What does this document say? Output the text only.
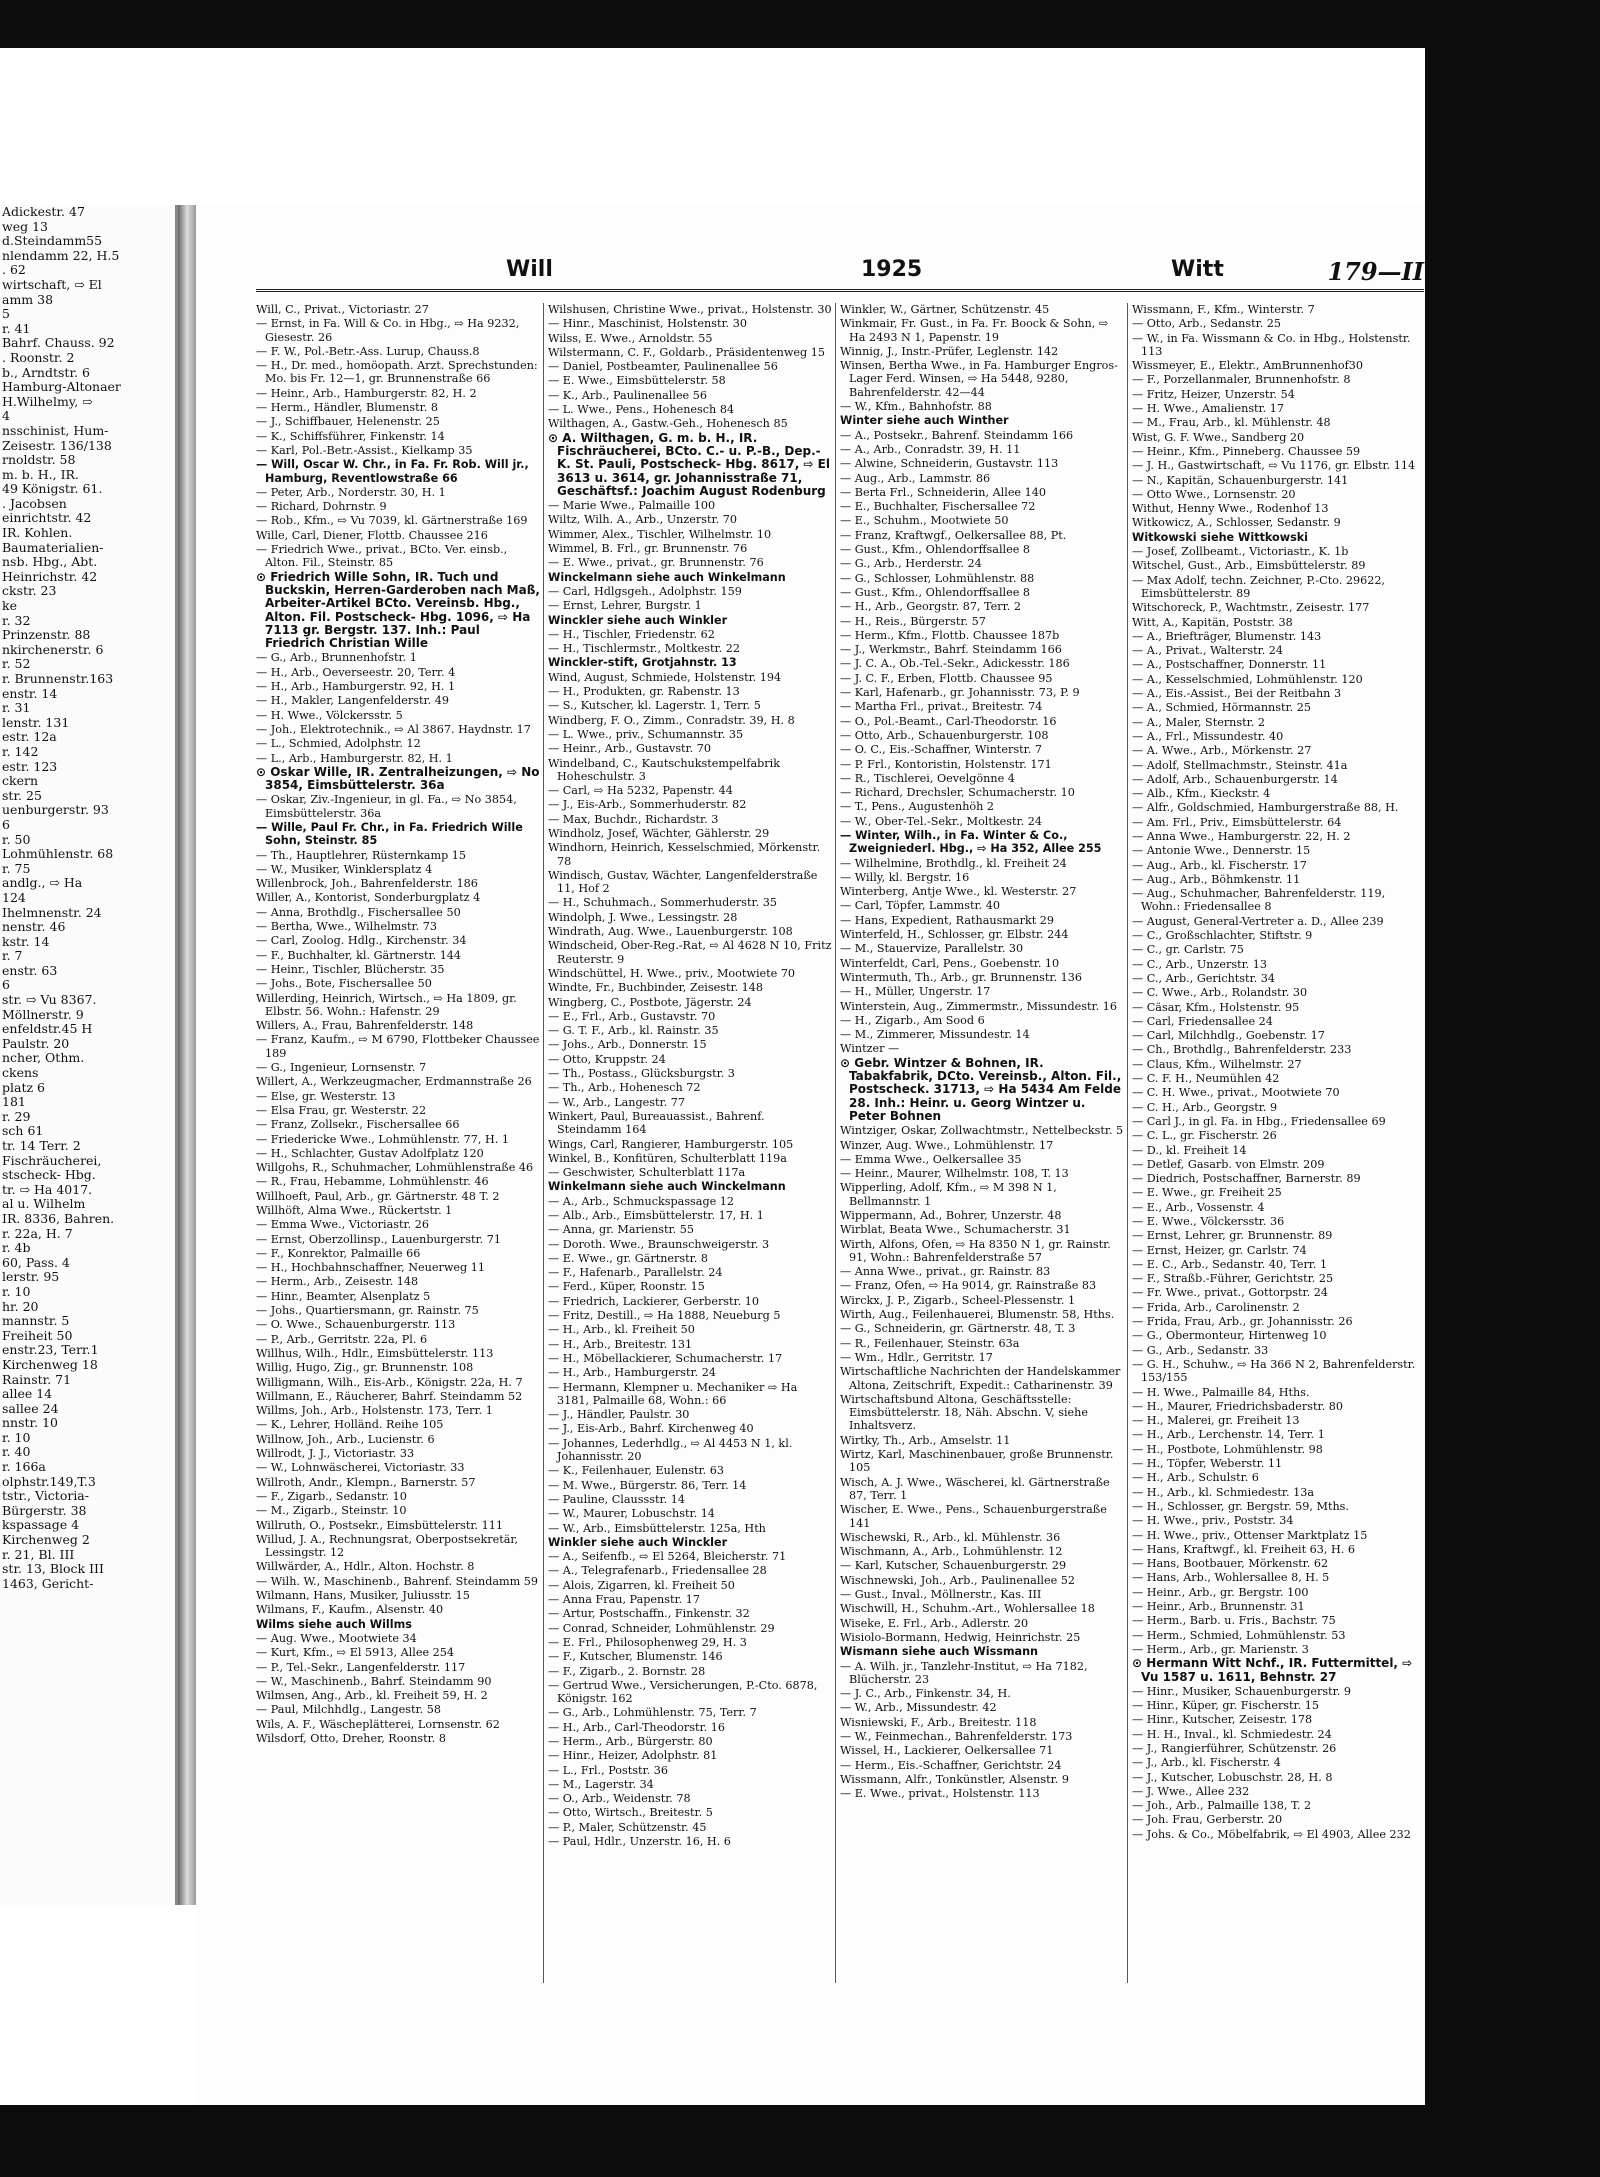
Adickestr. 47
weg 13
d.Steindamm55
nlendamm 22, H.5
. 62
wirtschaft, ⇨ El
amm 38
5
r. 41
Bahrf. Chauss. 92
. Roonstr. 2
b., Arndtstr. 6
Hamburg-Altonaer
H.Wilhelmy, ⇨
4
nsschinist, Hum-
Zeisestr. 136/138
rnoldstr. 58
m. b. H., IR.
49 Königstr. 61.
. Jacobsen
einrichtstr. 42
IR. Kohlen.
Baumaterialien-
nsb. Hbg., Abt.
Heinrichstr. 42
ckstr. 23
ke
r. 32
Prinzenstr. 88
nkirchenerstr. 6
r. 52
r. Brunnenstr.163
enstr. 14
r. 31
lenstr. 131
estr. 12a
r. 142
estr. 123
ckern
str. 25
uenburgerstr. 93
6
r. 50
Lohmühlenstr. 68
r. 75
andlg., ⇨ Ha
124
Ihelmnenstr. 24
nenstr. 46
kstr. 14
r. 7
enstr. 63
6
str. ⇨ Vu 8367.
Möllnerstr. 9
enfeldstr.45 H
Paulstr. 20
ncher, Othm.
ckens
platz 6
181
r. 29
sch 61
tr. 14 Terr. 2
Fischräucherei,
stscheck- Hbg.
tr. ⇨ Ha 4017.
al u. Wilhelm
IR. 8336, Bahren.
r. 22a, H. 7
r. 4b
60, Pass. 4
lerstr. 95
r. 10
hr. 20
mannstr. 5
Freiheit 50
enstr.23, Terr.1
Kirchenweg 18
Rainstr. 71
allee 14
sallee 24
nnstr. 10
r. 10
r. 40
r. 166a
olphstr.149,T.3
tstr., Victoria-
Bürgerstr. 38
kspassage 4
Kirchenweg 2
r. 21, Bl. III
str. 13, Block III
1463, Gericht-
Will	1925	Witt	179—II
Will, C., Privat., Victoriastr. 27
— Ernst, in Fa. Will & Co. in Hbg., ⇨ Ha 9232, Giesestr. 26
— F. W., Pol.-Betr.-Ass. Lurup, Chauss.8
— H., Dr. med., homöopath. Arzt. Sprechstunden: Mo. bis Fr. 12—1, gr. Brunnenstraße 66
— Heinr., Arb., Hamburgerstr. 82, H. 2
— Herm., Händler, Blumenstr. 8
— J., Schiffbauer, Helenenstr. 25
— K., Schiffsführer, Finkenstr. 14
— Karl, Pol.-Betr.-Assist., Kielkamp 35
— Will, Oscar W. Chr., in Fa. Fr. Rob. Will jr., Hamburg, Reventlowstraße 66
— Peter, Arb., Norderstr. 30, H. 1
— Richard, Dohrnstr. 9
— Rob., Kfm., ⇨ Vu 7039, kl. Gärtnerstraße 169
Wille, Carl, Diener, Flottb. Chaussee 216
— Friedrich Wwe., privat., BCto. Ver. einsb., Alton. Fil., Steinstr. 85
⊙ Friedrich Wille Sohn, IR. Tuch und Buckskin, Herren-Garderoben nach Maß, Arbeiter-Artikel BCto. Vereinsb. Hbg., Alton. Fil. Postscheck- Hbg. 1096, ⇨ Ha 7113 gr. Bergstr. 137. Inh.: Paul Friedrich Christian Wille
— G., Arb., Brunnenhofstr. 1
— H., Arb., Oeverseestr. 20, Terr. 4
— H., Arb., Hamburgerstr. 92, H. 1
— H., Makler, Langenfelderstr. 49
— H. Wwe., Völckersstr. 5
— Joh., Elektrotechnik., ⇨ Al 3867. Haydnstr. 17
— L., Schmied, Adolphstr. 12
— L., Arb., Hamburgerstr. 82, H. 1
⊙ Oskar Wille, IR. Zentralheizungen, ⇨ No 3854, Eimsbüttelerstr. 36a
— Oskar, Ziv.-Ingenieur, in gl. Fa., ⇨ No 3854, Eimsbüttelerstr. 36a
— Wille, Paul Fr. Chr., in Fa. Friedrich Wille Sohn, Steinstr. 85
— Th., Hauptlehrer, Rüsternkamp 15
— W., Musiker, Winklersplatz 4
Willenbrock, Joh., Bahrenfelderstr. 186
Willer, A., Kontorist, Sonderburgplatz 4
— Anna, Brothdlg., Fischersallee 50
— Bertha, Wwe., Wilhelmstr. 73
— Carl, Zoolog. Hdlg., Kirchenstr. 34
— F., Buchhalter, kl. Gärtnerstr. 144
— Heinr., Tischler, Blücherstr. 35
— Johs., Bote, Fischersallee 50
Willerding, Heinrich, Wirtsch., ⇨ Ha 1809, gr. Elbstr. 56. Wohn.: Hafenstr. 29
Willers, A., Frau, Bahrenfelderstr. 148
— Franz, Kaufm., ⇨ M 6790, Flottbeker Chaussee 189
— G., Ingenieur, Lornsenstr. 7
Willert, A., Werkzeugmacher, Erdmannstraße 26
— Else, gr. Westerstr. 13
— Elsa Frau, gr. Westerstr. 22
— Franz, Zollsekr., Fischersallee 66
— Friedericke Wwe., Lohmühlenstr. 77, H. 1
— H., Schlachter, Gustav Adolfplatz 120
Willgohs, R., Schuhmacher, Lohmühlenstraße 46
— R., Frau, Hebamme, Lohmühlenstr. 46
Willhoeft, Paul, Arb., gr. Gärtnerstr. 48 T. 2
Willhöft, Alma Wwe., Rückertstr. 1
— Emma Wwe., Victoriastr. 26
— Ernst, Oberzollinsp., Lauenburgerstr. 71
— F., Konrektor, Palmaille 66
— H., Hochbahnschaffner, Neuerweg 11
— Herm., Arb., Zeisestr. 148
— Hinr., Beamter, Alsenplatz 5
— Johs., Quartiersmann, gr. Rainstr. 75
— O. Wwe., Schauenburgerstr. 113
— P., Arb., Gerritstr. 22a, Pl. 6
Willhus, Wilh., Hdlr., Eimsbüttelerstr. 113
Willig, Hugo, Zig., gr. Brunnenstr. 108
Willigmann, Wilh., Eis-Arb., Königstr. 22a, H. 7
Willmann, E., Räucherer, Bahrf. Steindamm 52
Willms, Joh., Arb., Holstenstr. 173, Terr. 1
— K., Lehrer, Holländ. Reihe 105
Willnow, Joh., Arb., Lucienstr. 6
Willrodt, J. J., Victoriastr. 33
— W., Lohnwäscherei, Victoriastr. 33
Willroth, Andr., Klempn., Barnerstr. 57
— F., Zigarb., Sedanstr. 10
— M., Zigarb., Steinstr. 10
Willruth, O., Postsekr., Eimsbüttelerstr. 111
Willud, J. A., Rechnungsrat, Oberpostsekretär, Lessingstr. 12
Willwärder, A., Hdlr., Alton. Hochstr. 8
— Wilh. W., Maschinenb., Bahrenf. Steindamm 59
Wilmann, Hans, Musiker, Juliusstr. 15
Wilmans, F., Kaufm., Alsenstr. 40
Wilms siehe auch Willms
— Aug. Wwe., Mootwiete 34
— Kurt, Kfm., ⇨ El 5913, Allee 254
— P., Tel.-Sekr., Langenfelderstr. 117
— W., Maschinenb., Bahrf. Steindamm 90
Wilmsen, Ang., Arb., kl. Freiheit 59, H. 2
— Paul, Milchhdlg., Langestr. 58
Wils, A. F., Wäscheplätterei, Lornsenstr. 62
Wilsdorf, Otto, Dreher, Roonstr. 8
Wilshusen, Christine Wwe., privat., Holstenstr. 30
— Hinr., Maschinist, Holstenstr. 30
Wilss, E. Wwe., Arnoldstr. 55
Wilstermann, C. F., Goldarb., Präsidentenweg 15
— Daniel, Postbeamter, Paulinenallee 56
— E. Wwe., Eimsbüttelerstr. 58
— K., Arb., Paulinenallee 56
— L. Wwe., Pens., Hohenesch 84
Wilthagen, A., Gastw.-Geh., Hohenesch 85
⊙ A. Wilthagen, G. m. b. H., IR. Fischräucherei, BCto. C.- u. P.-B., Dep.-K. St. Pauli, Postscheck- Hbg. 8617, ⇨ El 3613 u. 3614, gr. Johannisstraße 71, Geschäftsf.: Joachim August Rodenburg
— Marie Wwe., Palmaille 100
Wiltz, Wilh. A., Arb., Unzerstr. 70
Wimmer, Alex., Tischler, Wilhelmstr. 10
Wimmel, B. Frl., gr. Brunnenstr. 76
— E. Wwe., privat., gr. Brunnenstr. 76
Winckelmann siehe auch Winkelmann
— Carl, Hdlgsgeh., Adolphstr. 159
— Ernst, Lehrer, Burgstr. 1
Winckler siehe auch Winkler
— H., Tischler, Friedenstr. 62
— H., Tischlermstr., Moltkestr. 22
Winckler-stift, Grotjahnstr. 13
Wind, August, Schmiede, Holstenstr. 194
— H., Produkten, gr. Rabenstr. 13
— S., Kutscher, kl. Lagerstr. 1, Terr. 5
Windberg, F. O., Zimm., Conradstr. 39, H. 8
— L. Wwe., priv., Schumannstr. 35
— Heinr., Arb., Gustavstr. 70
Windelband, C., Kautschukstempelfabrik Hoheschulstr. 3
— Carl, ⇨ Ha 5232, Papenstr. 44
— J., Eis-Arb., Sommerhuderstr. 82
— Max, Buchdr., Richardstr. 3
Windholz, Josef, Wächter, Gählerstr. 29
Windhorn, Heinrich, Kesselschmied, Mörkenstr. 78
Windisch, Gustav, Wächter, Langenfelderstraße 11, Hof 2
— H., Schuhmach., Sommerhuderstr. 35
Windolph, J. Wwe., Lessingstr. 28
Windrath, Aug. Wwe., Lauenburgerstr. 108
Windscheid, Ober-Reg.-Rat, ⇨ Al 4628 N 10, Fritz Reuterstr. 9
Windschüttel, H. Wwe., priv., Mootwiete 70
Windte, Fr., Buchbinder, Zeisestr. 148
Wingberg, C., Postbote, Jägerstr. 24
— E., Frl., Arb., Gustavstr. 70
— G. T. F., Arb., kl. Rainstr. 35
— Johs., Arb., Donnerstr. 15
— Otto, Kruppstr. 24
— Th., Postass., Glücksburgstr. 3
— Th., Arb., Hohenesch 72
— W., Arb., Langestr. 77
Winkert, Paul, Bureauassist., Bahrenf. Steindamm 164
Wings, Carl, Rangierer, Hamburgerstr. 105
Winkel, B., Konfitüren, Schulterblatt 119a
— Geschwister, Schulterblatt 117a
Winkelmann siehe auch Winckelmann
— A., Arb., Schmuckspassage 12
— Alb., Arb., Eimsbüttelerstr. 17, H. 1
— Anna, gr. Marienstr. 55
— Doroth. Wwe., Braunschweigerstr. 3
— E. Wwe., gr. Gärtnerstr. 8
— F., Hafenarb., Parallelstr. 24
— Ferd., Küper, Roonstr. 15
— Friedrich, Lackierer, Gerberstr. 10
— Fritz, Destill., ⇨ Ha 1888, Neueburg 5
— H., Arb., kl. Freiheit 50
— H., Arb., Breitestr. 131
— H., Möbellackierer, Schumacherstr. 17
— H., Arb., Hamburgerstr. 24
— Hermann, Klempner u. Mechaniker ⇨ Ha 3181, Palmaille 68, Wohn.: 66
— J., Händler, Paulstr. 30
— J., Eis-Arb., Bahrf. Kirchenweg 40
— Johannes, Lederhdlg., ⇨ Al 4453 N 1, kl. Johannisstr. 20
— K., Feilenhauer, Eulenstr. 63
— M. Wwe., Bürgerstr. 86, Terr. 14
— Pauline, Claussstr. 14
— W., Maurer, Lobuschstr. 14
— W., Arb., Eimsbüttelerstr. 125a, Hth
Winkler siehe auch Winckler
— A., Seifenfb., ⇨ El 5264, Bleicherstr. 71
— A., Telegrafenarb., Friedensallee 28
— Alois, Zigarren, kl. Freiheit 50
— Anna Frau, Papenstr. 17
— Artur, Postschaffn., Finkenstr. 32
— Conrad, Schneider, Lohmühlenstr. 29
— E. Frl., Philosophenweg 29, H. 3
— F., Kutscher, Blumenstr. 146
— F., Zigarb., 2. Bornstr. 28
— Gertrud Wwe., Versicherungen, P.-Cto. 6878, Königstr. 162
— G., Arb., Lohmühlenstr. 75, Terr. 7
— H., Arb., Carl-Theodorstr. 16
— Herm., Arb., Bürgerstr. 80
— Hinr., Heizer, Adolphstr. 81
— L., Frl., Poststr. 36
— M., Lagerstr. 34
— O., Arb., Weidenstr. 78
— Otto, Wirtsch., Breitestr. 5
— P., Maler, Schützenstr. 45
— Paul, Hdlr., Unzerstr. 16, H. 6
Winkler, W., Gärtner, Schützenstr. 45
Winkmair, Fr. Gust., in Fa. Fr. Boock & Sohn, ⇨ Ha 2493 N 1, Papenstr. 19
Winnig, J., Instr.-Prüfer, Leglenstr. 142
Winsen, Bertha Wwe., in Fa. Hamburger Engros-Lager Ferd. Winsen, ⇨ Ha 5448, 9280, Bahrenfelderstr. 42—44
— W., Kfm., Bahnhofstr. 88
Winter siehe auch Winther
— A., Postsekr., Bahrenf. Steindamm 166
— A., Arb., Conradstr. 39, H. 11
— Alwine, Schneiderin, Gustavstr. 113
— Aug., Arb., Lammstr. 86
— Berta Frl., Schneiderin, Allee 140
— E., Buchhalter, Fischersallee 72
— E., Schuhm., Mootwiete 50
— Franz, Kraftwgf., Oelkersallee 88, Pt.
— Gust., Kfm., Ohlendorffsallee 8
— G., Arb., Herderstr. 24
— G., Schlosser, Lohmühlenstr. 88
— Gust., Kfm., Ohlendorffsallee 8
— H., Arb., Georgstr. 87, Terr. 2
— H., Reis., Bürgerstr. 57
— Herm., Kfm., Flottb. Chaussee 187b
— J., Werkmstr., Bahrf. Steindamm 166
— J. C. A., Ob.-Tel.-Sekr., Adickesstr. 186
— J. C. F., Erben, Flottb. Chaussee 95
— Karl, Hafenarb., gr. Johannisstr. 73, P. 9
— Martha Frl., privat., Breitestr. 74
— O., Pol.-Beamt., Carl-Theodorstr. 16
— Otto, Arb., Schauenburgerstr. 108
— O. C., Eis.-Schaffner, Winterstr. 7
— P. Frl., Kontoristin, Holstenstr. 171
— R., Tischlerei, Oevelgönne 4
— Richard, Drechsler, Schumacherstr. 10
— T., Pens., Augustenhöh 2
— W., Ober-Tel.-Sekr., Moltkestr. 24
— Winter, Wilh., in Fa. Winter & Co., Zweigniederl. Hbg., ⇨ Ha 352, Allee 255
— Wilhelmine, Brothdlg., kl. Freiheit 24
— Willy, kl. Bergstr. 16
Winterberg, Antje Wwe., kl. Westerstr. 27
— Carl, Töpfer, Lammstr. 40
— Hans, Expedient, Rathausmarkt 29
Winterfeld, H., Schlosser, gr. Elbstr. 244
— M., Stauervize, Parallelstr. 30
Winterfeldt, Carl, Pens., Goebenstr. 10
Wintermuth, Th., Arb., gr. Brunnenstr. 136
— H., Müller, Ungerstr. 17
Winterstein, Aug., Zimmermstr., Missundestr. 16
— H., Zigarb., Am Sood 6
— M., Zimmerer, Missundestr. 14
Wintzer —
⊙ Gebr. Wintzer & Bohnen, IR. Tabakfabrik, DCto. Vereinsb., Alton. Fil., Postscheck. 31713, ⇨ Ha 5434 Am Felde 28. Inh.: Heinr. u. Georg Wintzer u. Peter Bohnen
Wintziger, Oskar, Zollwachtmstr., Nettelbeckstr. 5
Winzer, Aug. Wwe., Lohmühlenstr. 17
— Emma Wwe., Oelkersallee 35
— Heinr., Maurer, Wilhelmstr. 108, T. 13
Wipperling, Adolf, Kfm., ⇨ M 398 N 1, Bellmannstr. 1
Wippermann, Ad., Bohrer, Unzerstr. 48
Wirblat, Beata Wwe., Schumacherstr. 31
Wirth, Alfons, Ofen, ⇨ Ha 8350 N 1, gr. Rainstr. 91, Wohn.: Bahrenfelderstraße 57
— Anna Wwe., privat., gr. Rainstr. 83
— Franz, Ofen, ⇨ Ha 9014, gr. Rainstraße 83
Wirckx, J. P., Zigarb., Scheel-Plessenstr. 1
Wirth, Aug., Feilenhauerei, Blumenstr. 58, Hths.
— G., Schneiderin, gr. Gärtnerstr. 48, T. 3
— R., Feilenhauer, Steinstr. 63a
— Wm., Hdlr., Gerritstr. 17
Wirtschaftliche Nachrichten der Handelskammer Altona, Zeitschrift, Expedit.: Catharinenstr. 39
Wirtschaftsbund Altona, Geschäftsstelle: Eimsbüttelerstr. 18, Näh. Abschn. V, siehe Inhaltsverz.
Wirtky, Th., Arb., Amselstr. 11
Wirtz, Karl, Maschinenbauer, große Brunnenstr. 105
Wisch, A. J. Wwe., Wäscherei, kl. Gärtnerstraße 87, Terr. 1
Wischer, E. Wwe., Pens., Schauenburgerstraße 141
Wischewski, R., Arb., kl. Mühlenstr. 36
Wischmann, A., Arb., Lohmühlenstr. 12
— Karl, Kutscher, Schauenburgerstr. 29
Wischnewski, Joh., Arb., Paulinenallee 52
— Gust., Inval., Möllnerstr., Kas. III
Wischwill, H., Schuhm.-Art., Wohlersallee 18
Wiseke, E. Frl., Arb., Adlerstr. 20
Wisiolo-Bormann, Hedwig, Heinrichstr. 25
Wismann siehe auch Wissmann
— A. Wilh. jr., Tanzlehr-Institut, ⇨ Ha 7182, Blücherstr. 23
— J. C., Arb., Finkenstr. 34, H.
— W., Arb., Missundestr. 42
Wisniewski, F., Arb., Breitestr. 118
— W., Feinmechan., Bahrenfelderstr. 173
Wissel, H., Lackierer, Oelkersallee 71
— Herm., Eis.-Schaffner, Gerichtstr. 24
Wissmann, Alfr., Tonkünstler, Alsenstr. 9
— E. Wwe., privat., Holstenstr. 113
Wissmann, F., Kfm., Winterstr. 7
— Otto, Arb., Sedanstr. 25
— W., in Fa. Wissmann & Co. in Hbg., Holstenstr. 113
Wissmeyer, E., Elektr., AmBrunnenhof30
— F., Porzellanmaler, Brunnenhofstr. 8
— Fritz, Heizer, Unzerstr. 54
— H. Wwe., Amalienstr. 17
— M., Frau, Arb., kl. Mühlenstr. 48
Wist, G. F. Wwe., Sandberg 20
— Heinr., Kfm., Pinneberg. Chaussee 59
— J. H., Gastwirtschaft, ⇨ Vu 1176, gr. Elbstr. 114
— N., Kapitän, Schauenburgerstr. 141
— Otto Wwe., Lornsenstr. 20
Withut, Henny Wwe., Rodenhof 13
Witkowicz, A., Schlosser, Sedanstr. 9
Witkowski siehe Wittkowski
— Josef, Zollbeamt., Victoriastr., K. 1b
Witschel, Gust., Arb., Eimsbüttelerstr. 89
— Max Adolf, techn. Zeichner, P.-Cto. 29622, Eimsbüttelerstr. 89
Witschoreck, P., Wachtmstr., Zeisestr. 177
Witt, A., Kapitän, Poststr. 38
— A., Briefträger, Blumenstr. 143
— A., Privat., Walterstr. 24
— A., Postschaffner, Donnerstr. 11
— A., Kesselschmied, Lohmühlenstr. 120
— A., Eis.-Assist., Bei der Reitbahn 3
— A., Schmied, Hörmannstr. 25
— A., Maler, Sternstr. 2
— A., Frl., Missundestr. 40
— A. Wwe., Arb., Mörkenstr. 27
— Adolf, Stellmachmstr., Steinstr. 41a
— Adolf, Arb., Schauenburgerstr. 14
— Alb., Kfm., Kieckstr. 4
— Alfr., Goldschmied, Hamburgerstraße 88, H.
— Am. Frl., Priv., Eimsbüttelerstr. 64
— Anna Wwe., Hamburgerstr. 22, H. 2
— Antonie Wwe., Dennerstr. 15
— Aug., Arb., kl. Fischerstr. 17
— Aug., Arb., Böhmkenstr. 11
— Aug., Schuhmacher, Bahrenfelderstr. 119, Wohn.: Friedensallee 8
— August, General-Vertreter a. D., Allee 239
— C., Großschlachter, Stiftstr. 9
— C., gr. Carlstr. 75
— C., Arb., Unzerstr. 13
— C., Arb., Gerichtstr. 34
— C. Wwe., Arb., Rolandstr. 30
— Cäsar, Kfm., Holstenstr. 95
— Carl, Friedensallee 24
— Carl, Milchhdlg., Goebenstr. 17
— Ch., Brothdlg., Bahrenfelderstr. 233
— Claus, Kfm., Wilhelmstr. 27
— C. F. H., Neumühlen 42
— C. H. Wwe., privat., Mootwiete 70
— C. H., Arb., Georgstr. 9
— Carl J., in gl. Fa. in Hbg., Friedensallee 69
— C. L., gr. Fischerstr. 26
— D., kl. Freiheit 14
— Detlef, Gasarb. von Elmstr. 209
— Diedrich, Postschaffner, Barnerstr. 89
— E. Wwe., gr. Freiheit 25
— E., Arb., Vossenstr. 4
— E. Wwe., Völckersstr. 36
— Ernst, Lehrer, gr. Brunnenstr. 89
— Ernst, Heizer, gr. Carlstr. 74
— E. C., Arb., Sedanstr. 40, Terr. 1
— F., Straßb.-Führer, Gerichtstr. 25
— Fr. Wwe., privat., Gottorpstr. 24
— Frida, Arb., Carolinenstr. 2
— Frida, Frau, Arb., gr. Johannisstr. 26
— G., Obermonteur, Hirtenweg 10
— G., Arb., Sedanstr. 33
— G. H., Schuhw., ⇨ Ha 366 N 2, Bahrenfelderstr. 153/155
— H. Wwe., Palmaille 84, Hths.
— H., Maurer, Friedrichsbaderstr. 80
— H., Malerei, gr. Freiheit 13
— H., Arb., Lerchenstr. 14, Terr. 1
— H., Postbote, Lohmühlenstr. 98
— H., Töpfer, Weberstr. 11
— H., Arb., Schulstr. 6
— H., Arb., kl. Schmiedestr. 13a
— H., Schlosser, gr. Bergstr. 59, Mths.
— H. Wwe., priv., Poststr. 34
— H. Wwe., priv., Ottenser Marktplatz 15
— Hans, Kraftwgf., kl. Freiheit 63, H. 6
— Hans, Bootbauer, Mörkenstr. 62
— Hans, Arb., Wohlersallee 8, H. 5
— Heinr., Arb., gr. Bergstr. 100
— Heinr., Arb., Brunnenstr. 31
— Herm., Barb. u. Fris., Bachstr. 75
— Herm., Schmied, Lohmühlenstr. 53
— Herm., Arb., gr. Marienstr. 3
⊙ Hermann Witt Nchf., IR. Futtermittel, ⇨ Vu 1587 u. 1611, Behnstr. 27
— Hinr., Musiker, Schauenburgerstr. 9
— Hinr., Küper, gr. Fischerstr. 15
— Hinr., Kutscher, Zeisestr. 178
— H. H., Inval., kl. Schmiedestr. 24
— J., Rangierführer, Schützenstr. 26
— J., Arb., kl. Fischerstr. 4
— J., Kutscher, Lobuschstr. 28, H. 8
— J. Wwe., Allee 232
— Joh., Arb., Palmaille 138, T. 2
— Joh. Frau, Gerberstr. 20
— Johs. & Co., Möbelfabrik, ⇨ El 4903, Allee 232
